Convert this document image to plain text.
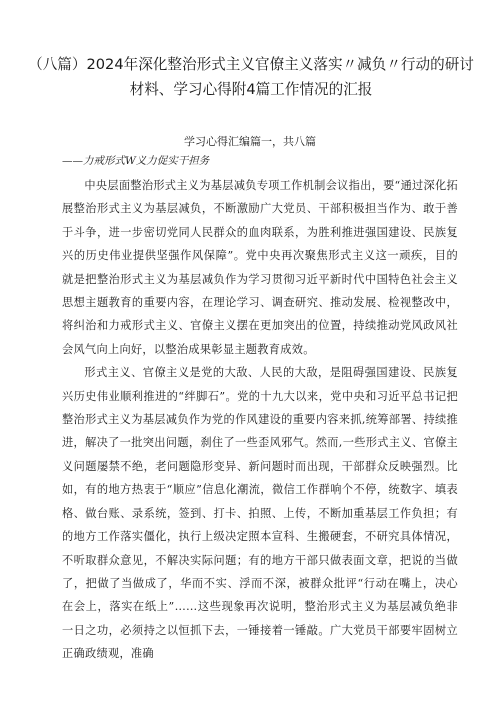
（八篇）2024年深化整治形式主义官僚主义落实〃减负〃行动的研讨材料、学习心得附4篇工作情况的汇报
学习心得汇编篇一，共八篇
——力戒形式W义力促实干担务

中央层面整治形式主义为基层减负专项工作机制会议指出，要“通过深化拓展整治形式主义为基层减负，不断激励广大党员、干部积极担当作为、敢于善于斗争，进一步密切党同人民群众的血肉联系，为胜利推进强国建设、民族复兴的历史伟业提供坚强作风保障”。党中央再次聚焦形式主义这一顽疾，目的就是把整治形式主义为基层减负作为学习贯彻习近平新时代中国特色社会主义思想主题教育的重要内容，在理论学习、调查研究、推动发展、检视整改中，将纠治和力戒形式主义、官僚主义摆在更加突出的位置，持续推动党风政风社会风气向上向好，以整治成果彰显主题教育成效。

形式主义、官僚主义是党的大敌、人民的大敌，是阻碍强国建设、民族复兴历史伟业顺利推进的“绊脚石”。党的十九大以来，党中央和习近平总书记把整治形式主义为基层减负作为党的作风建设的重要内容来抓,统筹部署、持续推进，解决了一批突出问题，刹住了一些歪风邪气。然而,一些形式主义、官僚主义问题屡禁不绝，老问题隐形变异、新问题时而出现，干部群众反映强烈。比如，有的地方热衷于“顺应”信息化潮流，微信工作群响个不停，统数字、填表格、做台账、录系统，签到、打卡、拍照、上传，不断加重基层工作负担；有的地方工作落实僵化，执行上级决定照本宣科、生搬硬套，不研究具体情况，不听取群众意见，不解决实际问题；有的地方干部只做表面文章，把说的当做了，把做了当做成了，华而不实、浮而不深，被群众批评“行动在嘴上，决心在会上，落实在纸上”……这些现象再次说明，整治形式主义为基层减负绝非一日之功，必须持之以恒抓下去，一锤接着一锤敲。广大党员干部要牢固树立正确政绩观，准确
